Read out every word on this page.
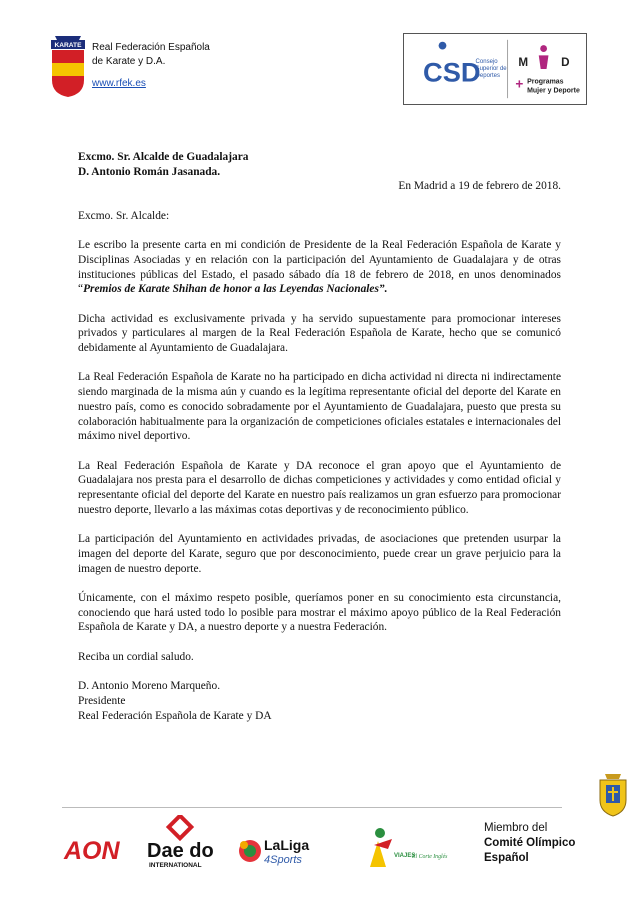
KARATE Real Federación Española
de Karate y D.A.
www.rfek.es	CSD
Consejo
Superior de
Deportes
M	D
+ Programas
Mujer y Deporte

Excmo. Sr. Alcalde de Guadalajara

D. Antonio Román Jasanada.

En Madrid a 19 de febrero de 2018.

Excmo. Sr. Alcalde:

Le escribo la presente carta en mi condición de Presidente de la Real Federación Española de Karate y Disciplinas Asociadas y en relación con la participación del Ayuntamiento de Guadalajara y de otras instituciones públicas del Estado, el pasado sábado día 18 de febrero de 2018, en unos denominados “Premios de Karate Shihan de honor a las Leyendas Nacionales”.

Dicha actividad es exclusivamente privada y ha servido supuestamente para promocionar intereses privados y particulares al margen de la Real Federación Española de Karate, hecho que se comunicó debidamente al Ayuntamiento de Guadalajara.

La Real Federación Española de Karate no ha participado en dicha actividad ni directa ni indirectamente siendo marginada de la misma aún y cuando es la legítima representante oficial del deporte del Karate en nuestro país, como es conocido sobradamente por el Ayuntamiento de Guadalajara, puesto que presta su colaboración habitualmente para la organización de competiciones oficiales estatales e internacionales del máximo nivel deportivo.

La Real Federación Española de Karate y DA reconoce el gran apoyo que el Ayuntamiento de Guadalajara nos presta para el desarrollo de dichas competiciones y actividades y como entidad oficial y representante oficial del deporte del Karate en nuestro país realizamos un gran esfuerzo para promocionar nuestro deporte, llevarlo a las máximas cotas deportivas y de reconocimiento público.

La participación del Ayuntamiento en actividades privadas, de asociaciones que pretenden usurpar la imagen del deporte del Karate, seguro que por desconocimiento, puede crear un grave perjuicio para la imagen de nuestro deporte.

Únicamente, con el máximo respeto posible, queríamos poner en su conocimiento esta circunstancia, conociendo que hará usted todo lo posible para mostrar el máximo apoyo público de la Real Federación Española de Karate y DA, a nuestro deporte y a nuestra Federación.

Reciba un cordial saludo.

D. Antonio Moreno Marqueño.

Presidente

Real Federación Española de Karate y DA

AON Dae do
INTERNATIONAL
LaLiga
4Sports	VIAJES
El Corte Inglés
Miembro del
Comité Olímpico
Español
